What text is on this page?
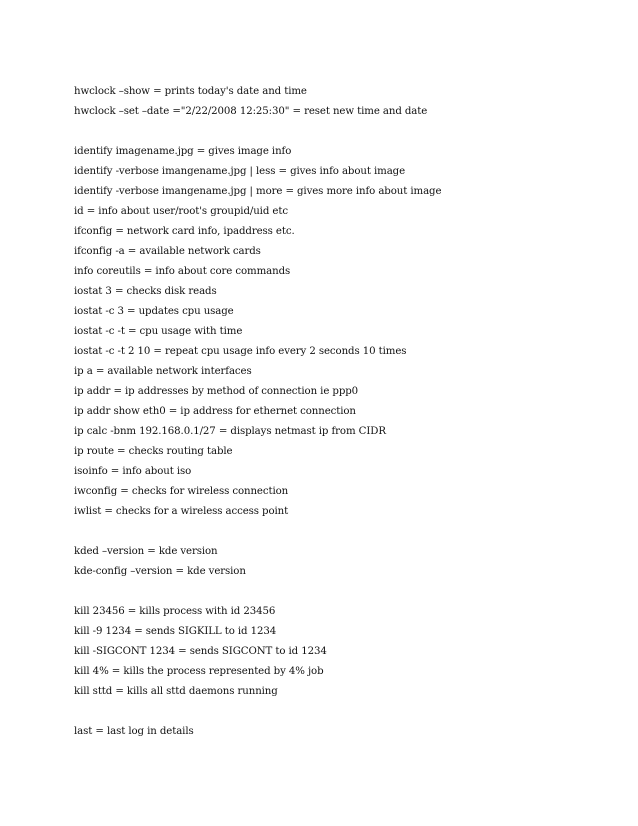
hwclock –show = prints today's date and time
hwclock –set –date ="2/22/2008 12:25:30" = reset new time and date
identify imagename.jpg = gives image info
identify -verbose imangename.jpg | less = gives info about image
identify -verbose imangename.jpg | more = gives more info about image
id = info about user/root's groupid/uid etc
ifconfig = network card info, ipaddress etc.
ifconfig -a = available network cards
info coreutils = info about core commands
iostat 3 = checks disk reads
iostat -c 3 = updates cpu usage
iostat -c -t = cpu usage with time
iostat -c -t 2 10 = repeat cpu usage info every 2 seconds 10 times
ip a = available network interfaces
ip addr = ip addresses by method of connection ie ppp0
ip addr show eth0 = ip address for ethernet connection
ip calc -bnm 192.168.0.1/27 = displays netmast ip from CIDR
ip route = checks routing table
isoinfo = info about iso
iwconfig = checks for wireless connection
iwlist = checks for a wireless access point
kded –version = kde version
kde-config –version = kde version
kill 23456 = kills process with id 23456
kill -9 1234 = sends SIGKILL to id 1234
kill -SIGCONT 1234 = sends SIGCONT to id 1234
kill 4% = kills the process represented by 4% job
kill sttd = kills all sttd daemons running
last = last log in details
